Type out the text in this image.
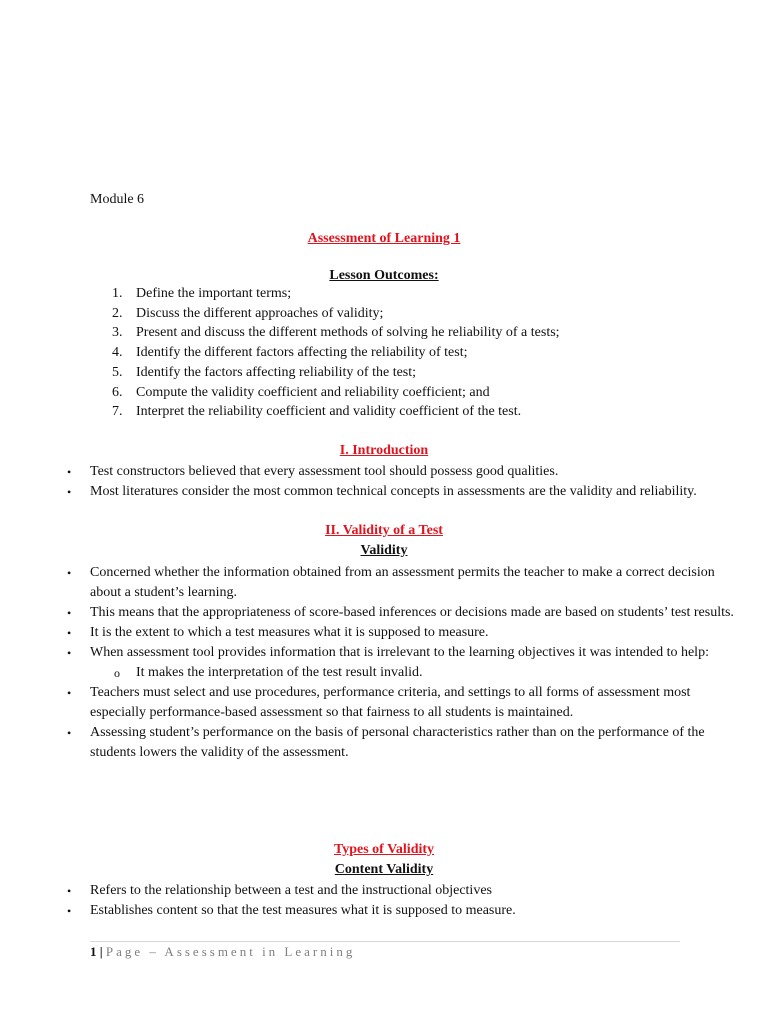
Module 6
Assessment of Learning 1
Lesson Outcomes:
1. Define the important terms;
2. Discuss the different approaches of validity;
3. Present and discuss the different methods of solving he reliability of a tests;
4. Identify the different factors affecting the reliability of test;
5. Identify the factors affecting reliability of the test;
6. Compute the validity coefficient and reliability coefficient; and
7. Interpret the reliability coefficient and validity coefficient of the test.
I. Introduction
• Test constructors believed that every assessment tool should possess good qualities.
• Most literatures consider the most common technical concepts in assessments are the validity and reliability.
II. Validity of a Test
Validity
• Concerned whether the information obtained from an assessment permits the teacher to make a correct decision about a student’s learning.
• This means that the appropriateness of score-based inferences or decisions made are based on students’ test results.
• It is the extent to which a test measures what it is supposed to measure.
• When assessment tool provides information that is irrelevant to the learning objectives it was intended to help:
o It makes the interpretation of the test result invalid.
• Teachers must select and use procedures, performance criteria, and settings to all forms of assessment most especially performance-based assessment so that fairness to all students is maintained.
• Assessing student’s performance on the basis of personal characteristics rather than on the performance of the students lowers the validity of the assessment.
Types of Validity
Content Validity
• Refers to the relationship between a test and the instructional objectives
• Establishes content so that the test measures what it is supposed to measure.
1 | Page – Assessment in Learning
